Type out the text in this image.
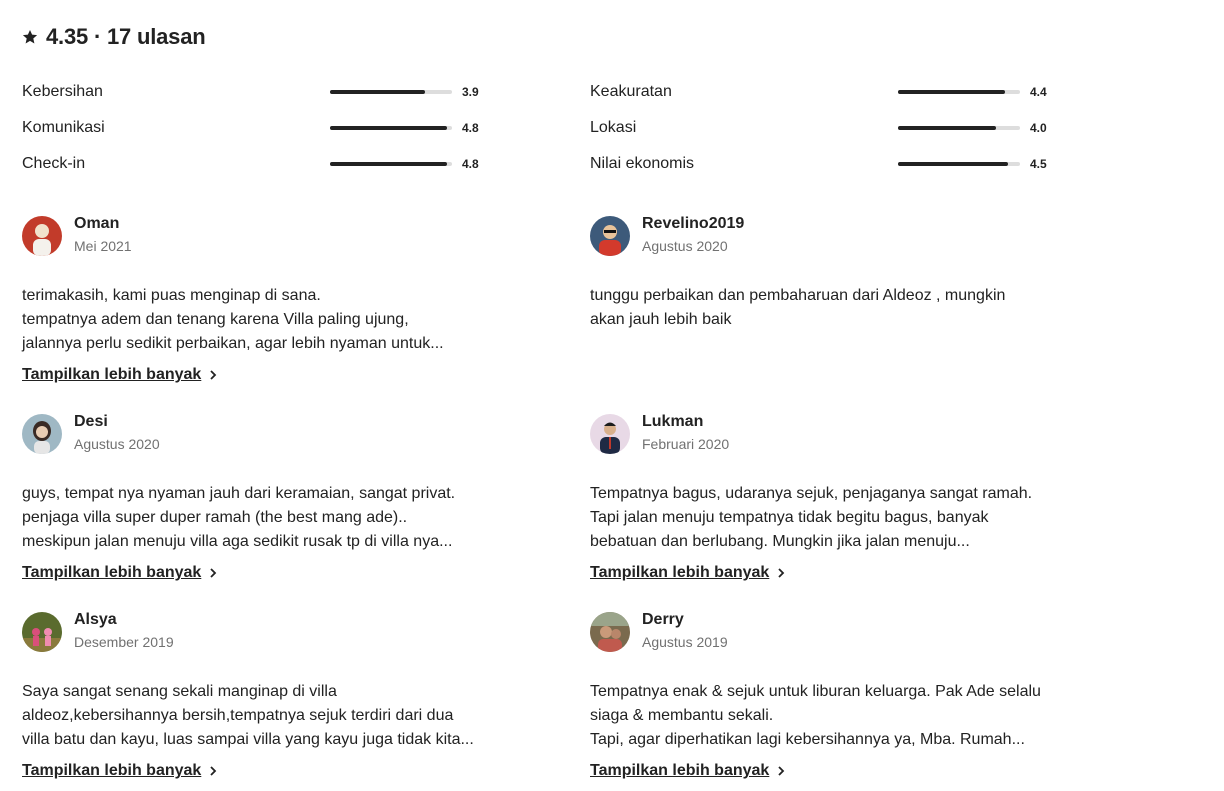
4.35 · 17 ulasan
Kebersihan	3.9	Keakuratan	4.4
Komunikasi	4.8	Lokasi	4.0
Check-in	4.8	Nilai ekonomis	4.5
Oman
Mei 2021
terimakasih, kami puas menginap di sana.
tempatnya adem dan tenang karena Villa paling ujung,
jalannya perlu sedikit perbaikan, agar lebih nyaman untuk...
Tampilkan lebih banyak
Revelino2019
Agustus 2020
tunggu perbaikan dan pembaharuan dari Aldeoz , mungkin
akan jauh lebih baik
Desi
Agustus 2020
guys, tempat nya nyaman jauh dari keramaian, sangat privat.
penjaga villa super duper ramah (the best mang ade)..
meskipun jalan menuju villa aga sedikit rusak tp di villa nya...
Tampilkan lebih banyak
Lukman
Februari 2020
Tempatnya bagus, udaranya sejuk, penjaganya sangat ramah.
Tapi jalan menuju tempatnya tidak begitu bagus, banyak
bebatuan dan berlubang. Mungkin jika jalan menuju...
Tampilkan lebih banyak
Alsya
Desember 2019
Saya sangat senang sekali manginap di villa
aldeoz,kebersihannya bersih,tempatnya sejuk terdiri dari dua
villa batu dan kayu, luas sampai villa yang kayu juga tidak kita...
Tampilkan lebih banyak
Derry
Agustus 2019
Tempatnya enak & sejuk untuk liburan keluarga. Pak Ade selalu
siaga & membantu sekali.
Tapi, agar diperhatikan lagi kebersihannya ya, Mba. Rumah...
Tampilkan lebih banyak
